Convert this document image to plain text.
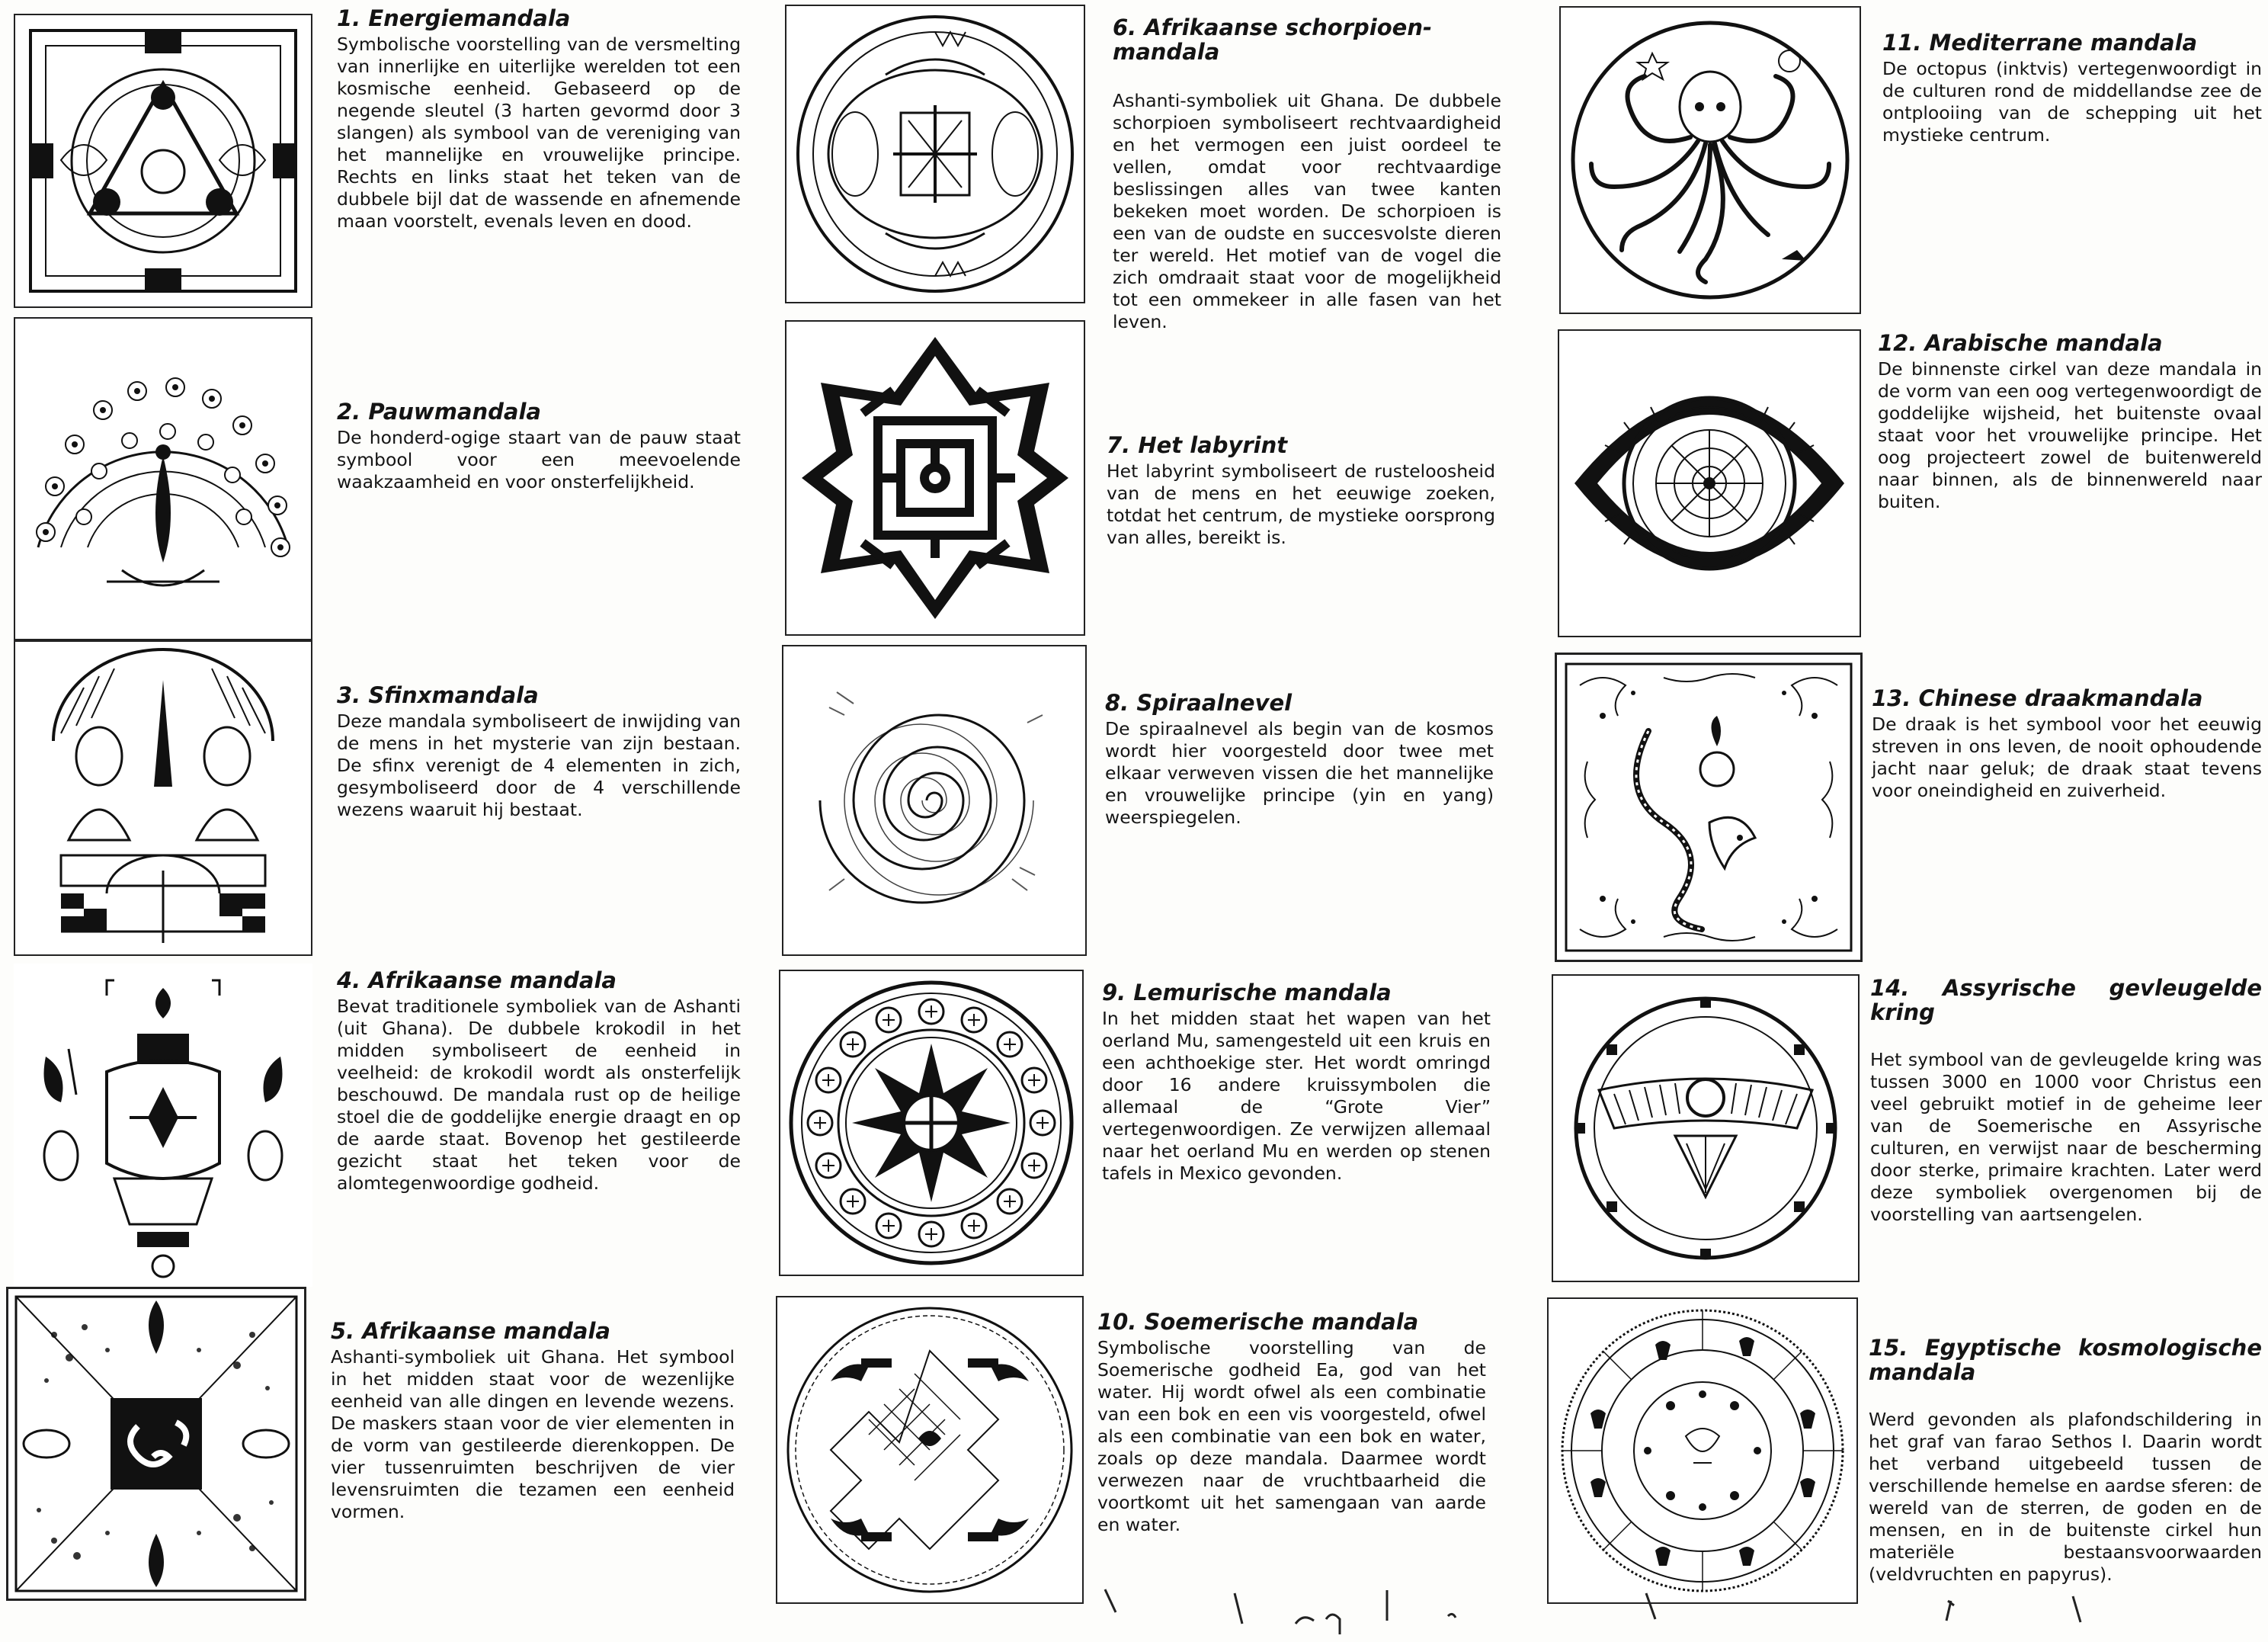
1. Energiemandala

Symbolische voorstelling van de versmelting van innerlijke en uiterlijke werelden tot een kosmische eenheid. Gebaseerd op de negende sleutel (3 harten gevormd door 3 slangen) als symbool van de vereniging van het mannelijke en vrouwelijke principe. Rechts en links staat het teken van de dubbele bijl dat de wassende en afnemende maan voorstelt, evenals leven en dood.

2. Pauwmandala

De honderd-ogige staart van de pauw staat symbool voor een meevoelende waakzaamheid en voor onsterfelijkheid.

3. Sfinxmandala

Deze mandala symboliseert de inwijding van de mens in het mysterie van zijn bestaan. De sfinx verenigt de 4 elementen in zich, gesymboliseerd door de 4 verschillende wezens waaruit hij bestaat.

4. Afrikaanse mandala

Bevat traditionele symboliek van de Ashanti (uit Ghana). De dubbele krokodil in het midden symboliseert de eenheid in veelheid: de krokodil wordt als onsterfelijk beschouwd. De mandala rust op de heilige stoel die de goddelijke energie draagt en op de aarde staat. Bovenop het gestileerde gezicht staat het teken voor de alomtegenwoordige godheid.

5. Afrikaanse mandala

Ashanti-symboliek uit Ghana. Het symbool in het midden staat voor de wezenlijke eenheid van alle dingen en levende wezens. De maskers staan voor de vier elementen in de vorm van gestileerde dierenkoppen. De vier tussenruimten beschrijven de vier levensruimten die tezamen een eenheid vormen.

6. Afrikaanse schorpioen-mandala

Ashanti-symboliek uit Ghana. De dubbele schorpioen symboliseert rechtvaardigheid en het vermogen een juist oordeel te vellen, omdat voor rechtvaardige beslissingen alles van twee kanten bekeken moet worden. De schorpioen is een van de oudste en succesvolste dieren ter wereld. Het motief van de vogel die zich omdraait staat voor de mogelijkheid tot een ommekeer in alle fasen van het leven.

7. Het labyrint

Het labyrint symboliseert de rusteloosheid van de mens en het eeuwige zoeken, totdat het centrum, de mystieke oorsprong van alles, bereikt is.

8. Spiraalnevel

De spiraalnevel als begin van de kosmos wordt hier voorgesteld door twee met elkaar verweven vissen die het mannelijke en vrouwelijke principe (yin en yang) weerspiegelen.

9. Lemurische mandala

In het midden staat het wapen van het oerland Mu, samengesteld uit een kruis en een achthoekige ster. Het wordt omringd door 16 andere kruissymbolen die allemaal de “Grote Vier” vertegenwoordigen. Ze verwijzen allemaal naar het oerland Mu en werden op stenen tafels in Mexico gevonden.

10. Soemerische mandala

Symbolische voorstelling van de Soemerische godheid Ea, god van het water. Hij wordt ofwel als een combinatie van een bok en een vis voorgesteld, ofwel als een combinatie van een bok en water, zoals op deze mandala. Daarmee wordt verwezen naar de vruchtbaarheid die voortkomt uit het samengaan van aarde en water.

11. Mediterrane mandala

De octopus (inktvis) vertegenwoordigt in de culturen rond de middellandse zee de ontplooiing van de schepping uit het mystieke centrum.

12. Arabische mandala

De binnenste cirkel van deze mandala in de vorm van een oog vertegenwoordigt de goddelijke wijsheid, het buitenste ovaal staat voor het vrouwelijke principe. Het oog projecteert zowel de buitenwereld naar binnen, als de binnenwereld naar buiten.

13. Chinese draakmandala

De draak is het symbool voor het eeuwig streven in ons leven, de nooit ophoudende jacht naar geluk; de draak staat tevens voor oneindigheid en zuiverheid.

14. Assyrische gevleugelde kring

Het symbool van de gevleugelde kring was tussen 3000 en 1000 voor Christus een veel gebruikt motief in de geheime leer van de Soemerische en Assyrische culturen, en verwijst naar de bescherming door sterke, primaire krachten. Later werd deze symboliek overgenomen bij de voorstelling van aartsengelen.

15. Egyptische kosmologische mandala

Werd gevonden als plafondschildering in het graf van farao Sethos I. Daarin wordt het verband uitgebeeld tussen de verschillende hemelse en aardse sferen: de wereld van de sterren, de goden en de mensen, en in de buitenste cirkel hun materiële bestaansvoorwaarden (veldvruchten en papyrus).
